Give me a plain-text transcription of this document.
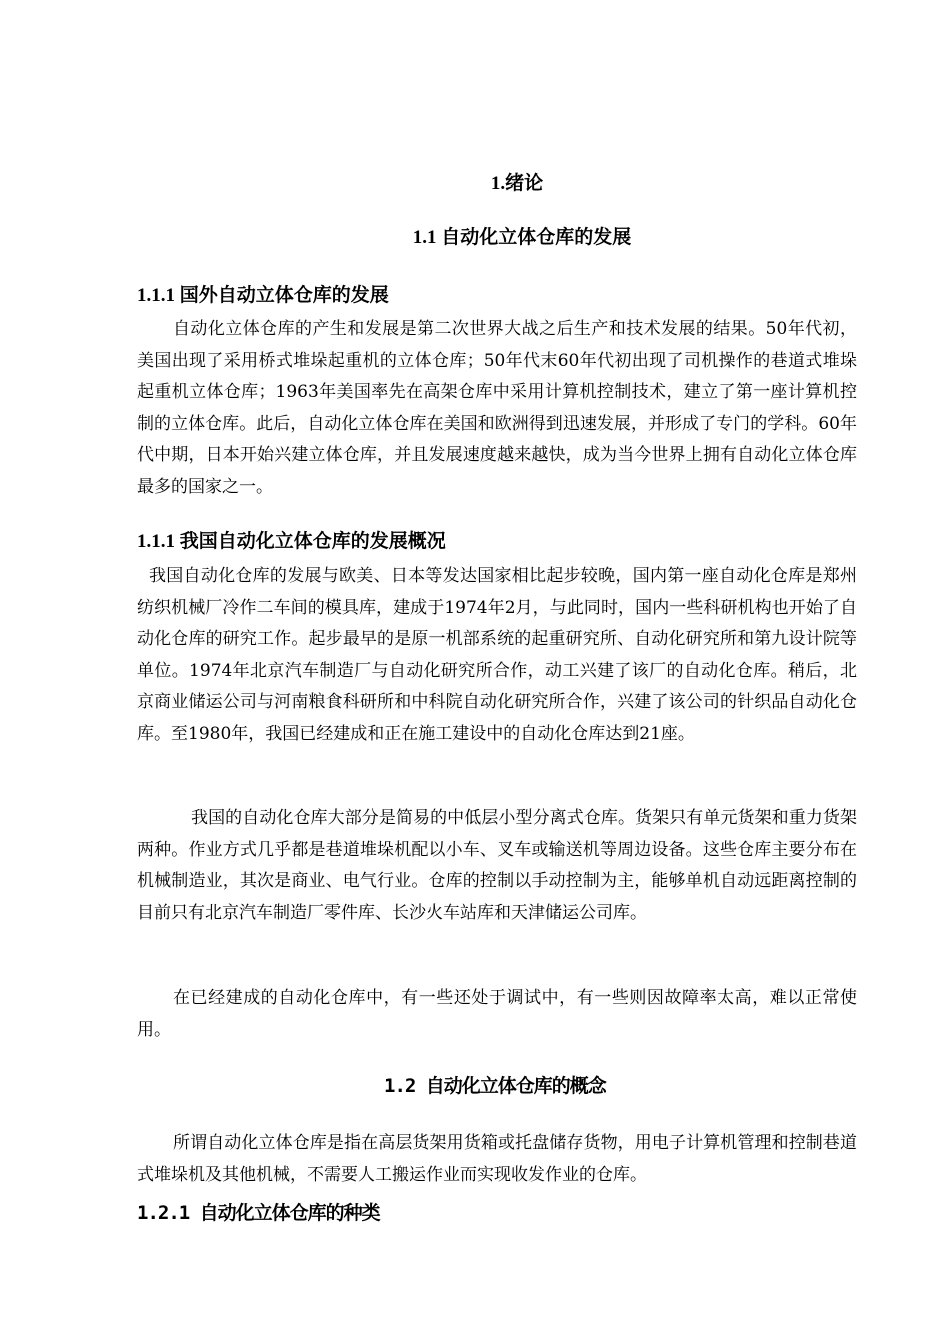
1.绪论
1.1 自动化立体仓库的发展
1.1.1 国外自动立体仓库的发展

自动化立体仓库的产生和发展是第二次世界大战之后生产和技术发展的结果。50年代初，美国出现了采用桥式堆垛起重机的立体仓库；50年代末60年代初出现了司机操作的巷道式堆垛起重机立体仓库；1963年美国率先在高架仓库中采用计算机控制技术，建立了第一座计算机控制的立体仓库。此后，自动化立体仓库在美国和欧洲得到迅速发展，并形成了专门的学科。60年代中期，日本开始兴建立体仓库，并且发展速度越来越快，成为当今世界上拥有自动化立体仓库最多的国家之一。

1.1.1 我国自动化立体仓库的发展概况

我国自动化仓库的发展与欧美、日本等发达国家相比起步较晚，国内第一座自动化仓库是郑州纺织机械厂冷作二车间的模具库，建成于1974年2月，与此同时，国内一些科研机构也开始了自动化仓库的研究工作。起步最早的是原一机部系统的起重研究所、自动化研究所和第九设计院等单位。1974年北京汽车制造厂与自动化研究所合作，动工兴建了该厂的自动化仓库。稍后，北京商业储运公司与河南粮食科研所和中科院自动化研究所合作，兴建了该公司的针织品自动化仓库。至1980年，我国已经建成和正在施工建设中的自动化仓库达到21座。

我国的自动化仓库大部分是简易的中低层小型分离式仓库。货架只有单元货架和重力货架两种。作业方式几乎都是巷道堆垛机配以小车、叉车或输送机等周边设备。这些仓库主要分布在机械制造业，其次是商业、电气行业。仓库的控制以手动控制为主，能够单机自动远距离控制的目前只有北京汽车制造厂零件库、长沙火车站库和天津储运公司库。

在已经建成的自动化仓库中，有一些还处于调试中，有一些则因故障率太高，难以正常使用。

1.2 自动化立体仓库的概念

所谓自动化立体仓库是指在高层货架用货箱或托盘储存货物，用电子计算机管理和控制巷道式堆垛机及其他机械，不需要人工搬运作业而实现收发作业的仓库。

1.2.1 自动化立体仓库的种类
